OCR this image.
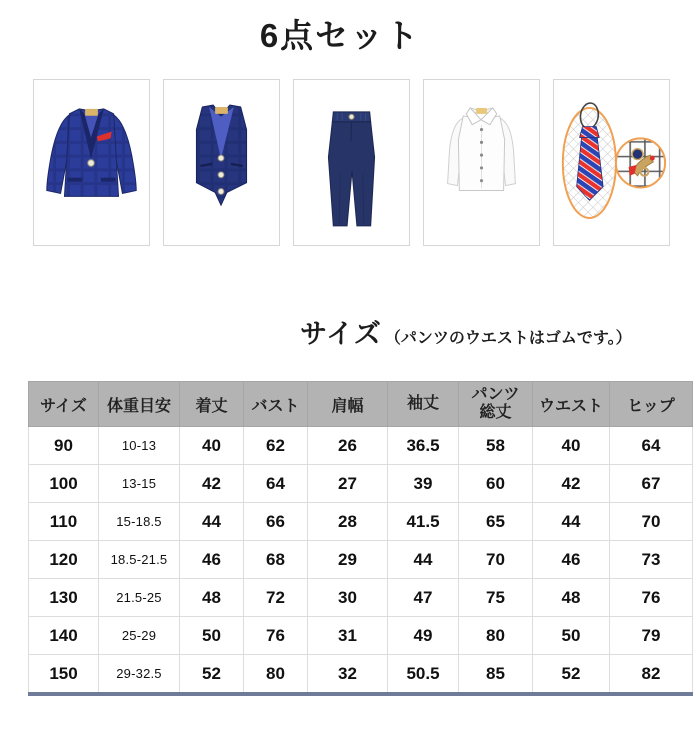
6点セット
サイズ （パンツのウエストはゴムです。）
サイズ	体重目安	着丈	バスト	肩幅	袖丈	パンツ総丈	ウエスト	ヒップ
90	10-13	40	62	26	36.5	58	40	64
100	13-15	42	64	27	39	60	42	67
110	15-18.5	44	66	28	41.5	65	44	70
120	18.5-21.5	46	68	29	44	70	46	73
130	21.5-25	48	72	30	47	75	48	76
140	25-29	50	76	31	49	80	50	79
150	29-32.5	52	80	32	50.5	85	52	82
